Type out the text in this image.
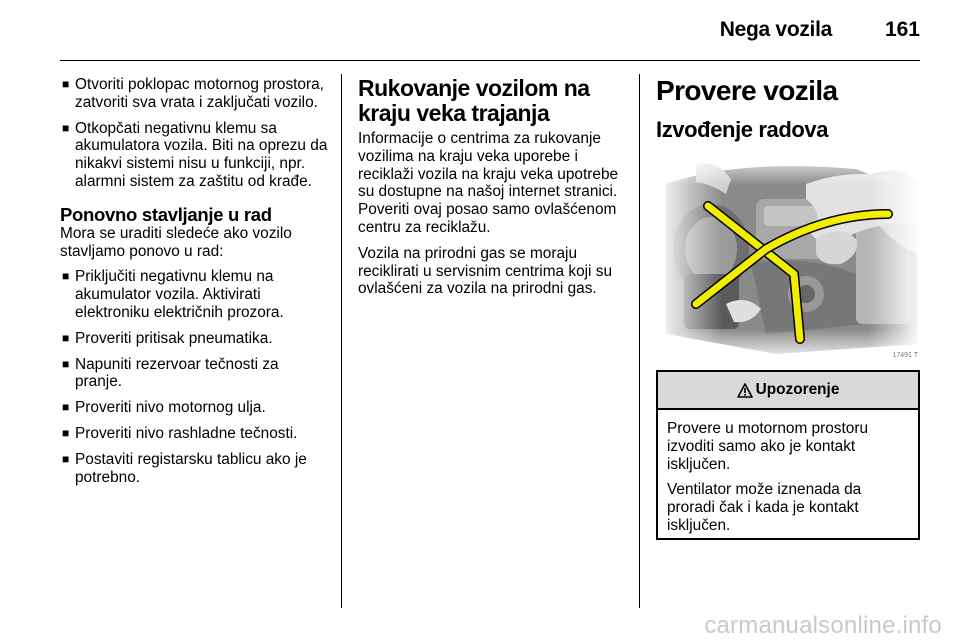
Nega vozila	161
■ Otvoriti poklopac motornog prostora, zatvoriti sva vrata i zaključati vozilo.
■ Otkopčati negativnu klemu sa akumulatora vozila. Biti na oprezu da nikakvi sistemi nisu u funkciji, npr. alarmni sistem za zaštitu od krađe.
Ponovno stavljanje u rad
Mora se uraditi sledeće ako vozilo stavljamo ponovo u rad:
■ Priključiti negativnu klemu na akumulator vozila. Aktivirati elektroniku električnih prozora.
■ Proveriti pritisak pneumatika.
■ Napuniti rezervoar tečnosti za pranje.
■ Proveriti nivo motornog ulja.
■ Proveriti nivo rashladne tečnosti.
■ Postaviti registarsku tablicu ako je potrebno.
Rukovanje vozilom na kraju veka trajanja
Informacije o centrima za rukovanje vozilima na kraju veka uporebe i reciklaži vozila na kraju veka upotrebe su dostupne na našoj internet stranici. Poveriti ovaj posao samo ovlašćenom centru za reciklažu.
Vozila na prirodni gas se moraju reciklirati u servisnim centrima koji su ovlašćeni za vozila na prirodni gas.
Provere vozila
Izvođenje radova
17491 T
Upozorenje
Provere u motornom prostoru izvoditi samo ako je kontakt isključen.
Ventilator može iznenada da proradi čak i kada je kontakt isključen.
carmanualsonline.info
